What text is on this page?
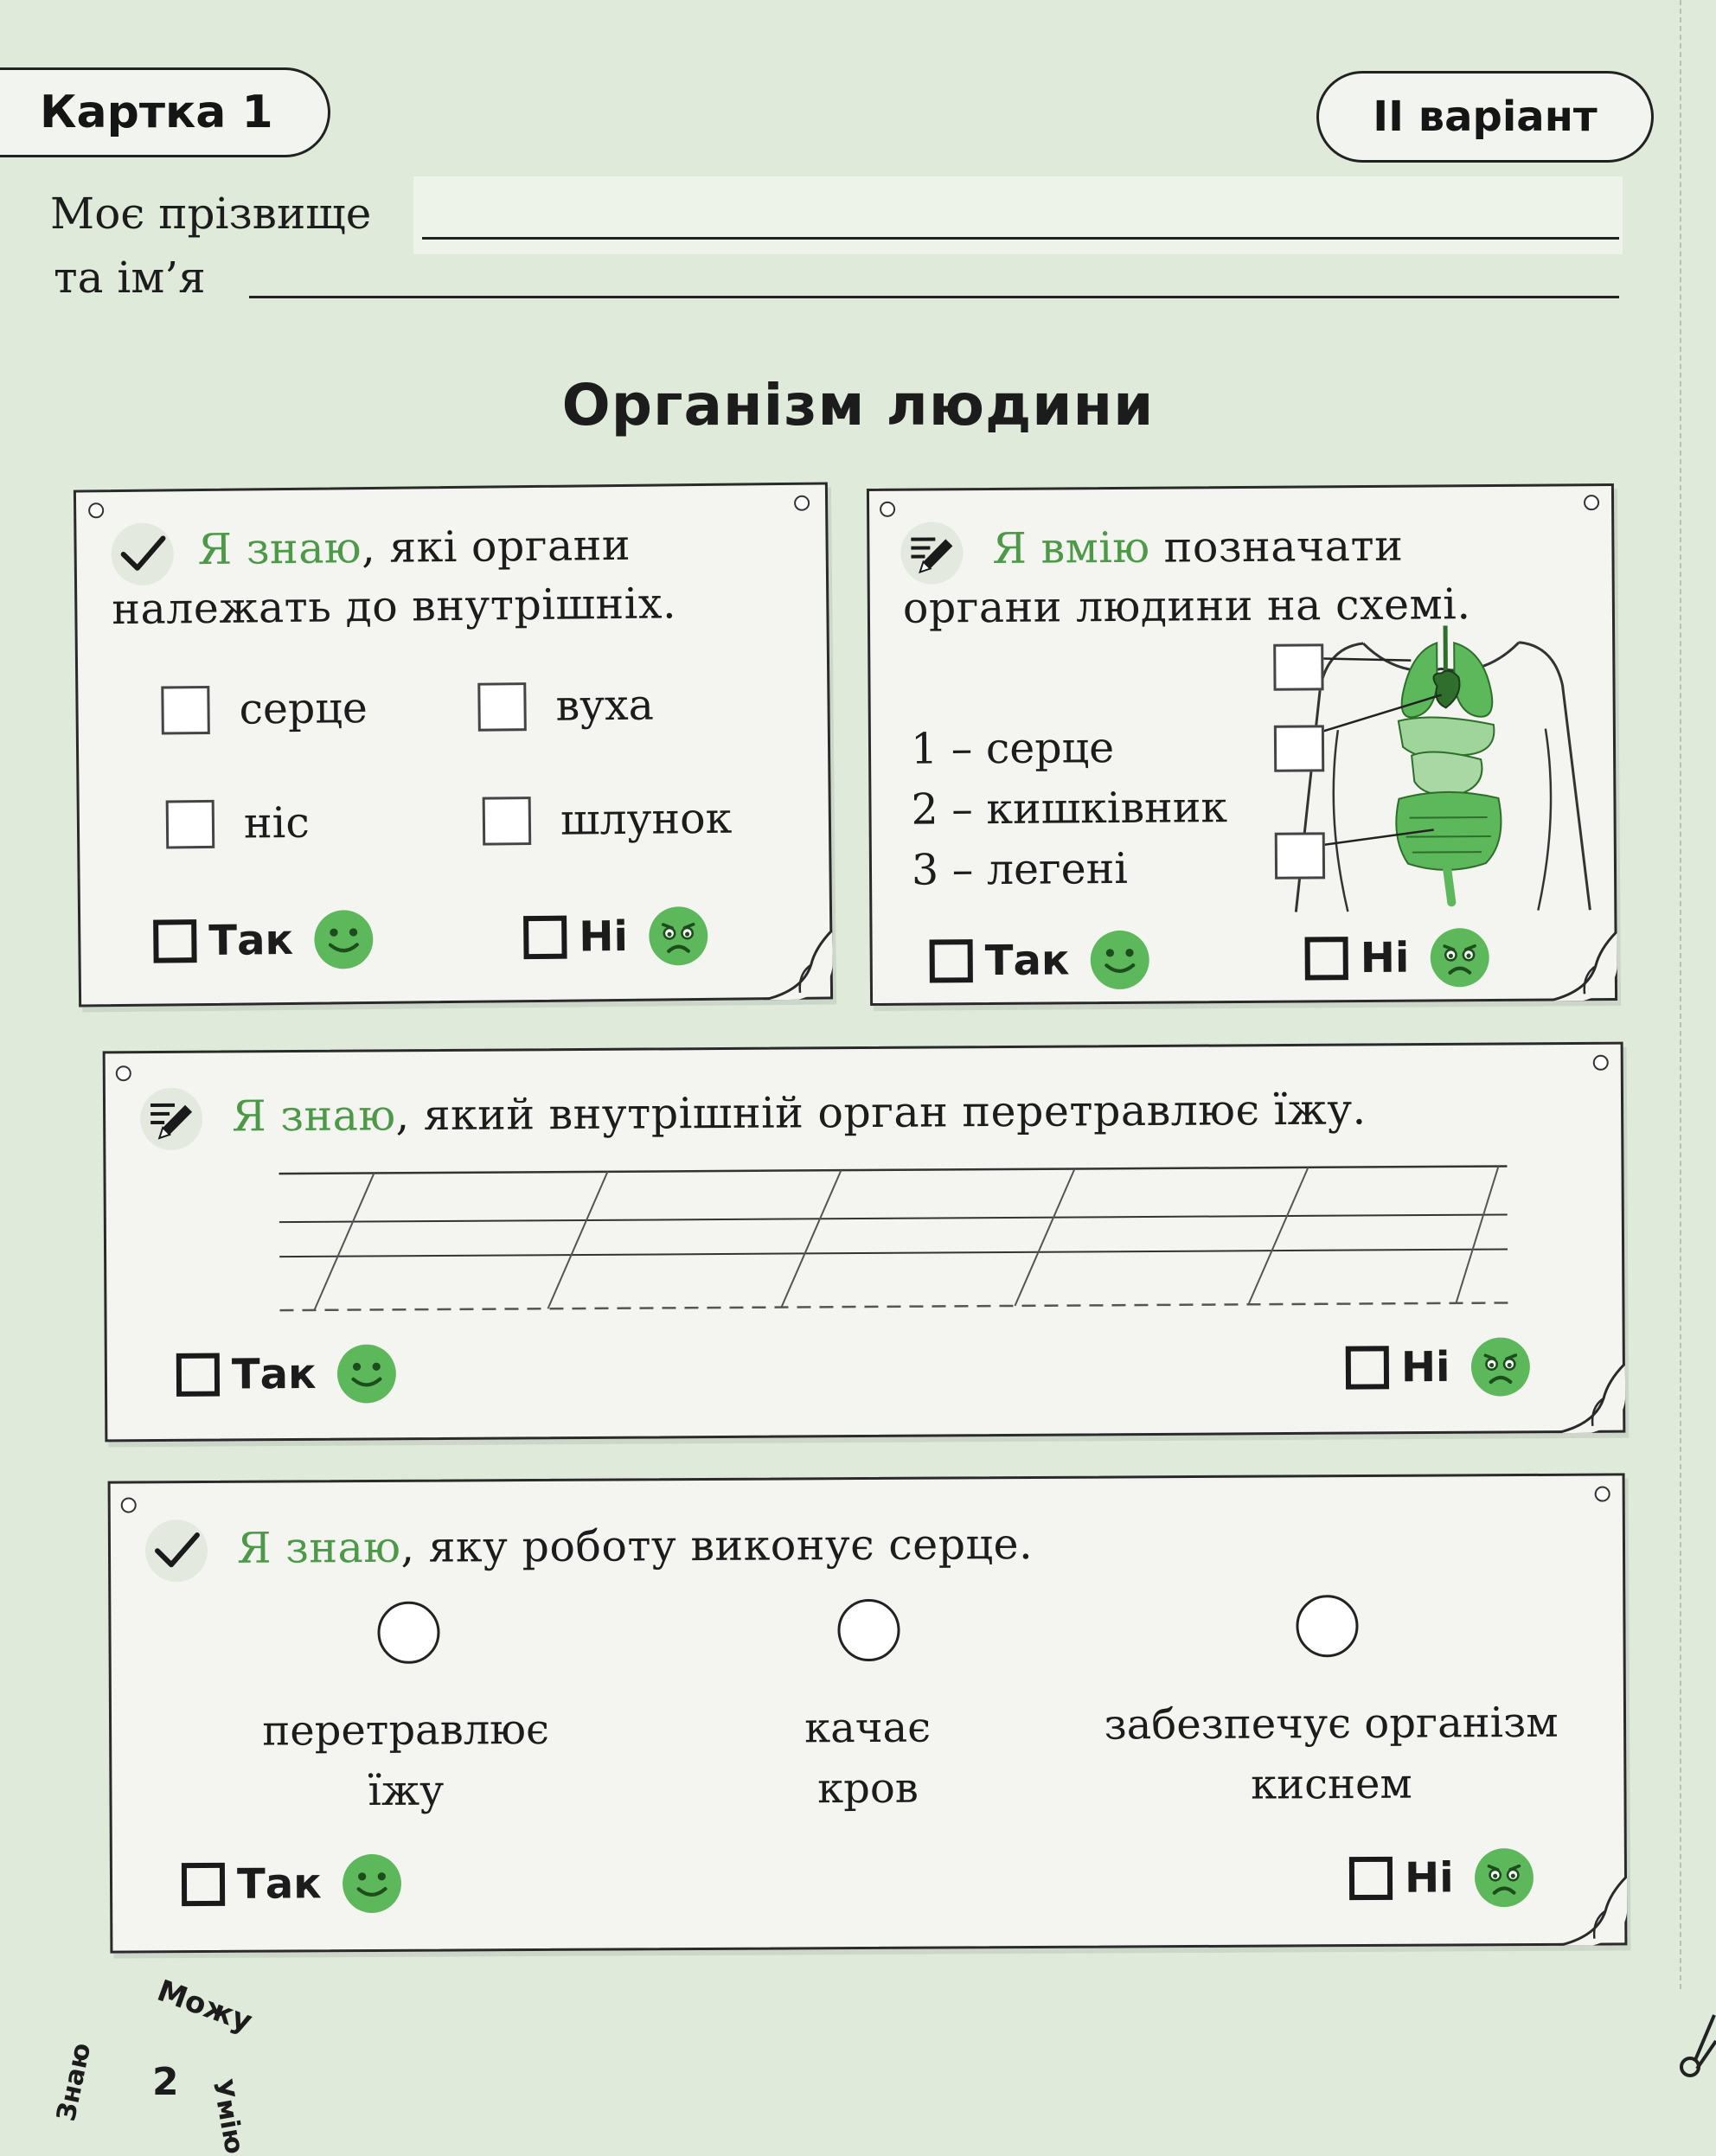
Картка 1	ІІ варіант
Моє прізвище
та ім’я
Організм людини
Я знаю, які органи
належать до внутрішніх.
серце	вуха
ніс	шлунок
Так	Ні
Я вмію позначати
органи людини на схемі.
1 – серце
2 – кишківник
3 – легені
Так	Ні
Я знаю, який внутрішній орган перетравлює їжу.
Так	Ні
Я знаю, яку роботу виконує серце.
перетравлює
їжу
качає
кров
забезпечує організм
киснем
Так	Ні
Можу
Знаю	Умію
2
